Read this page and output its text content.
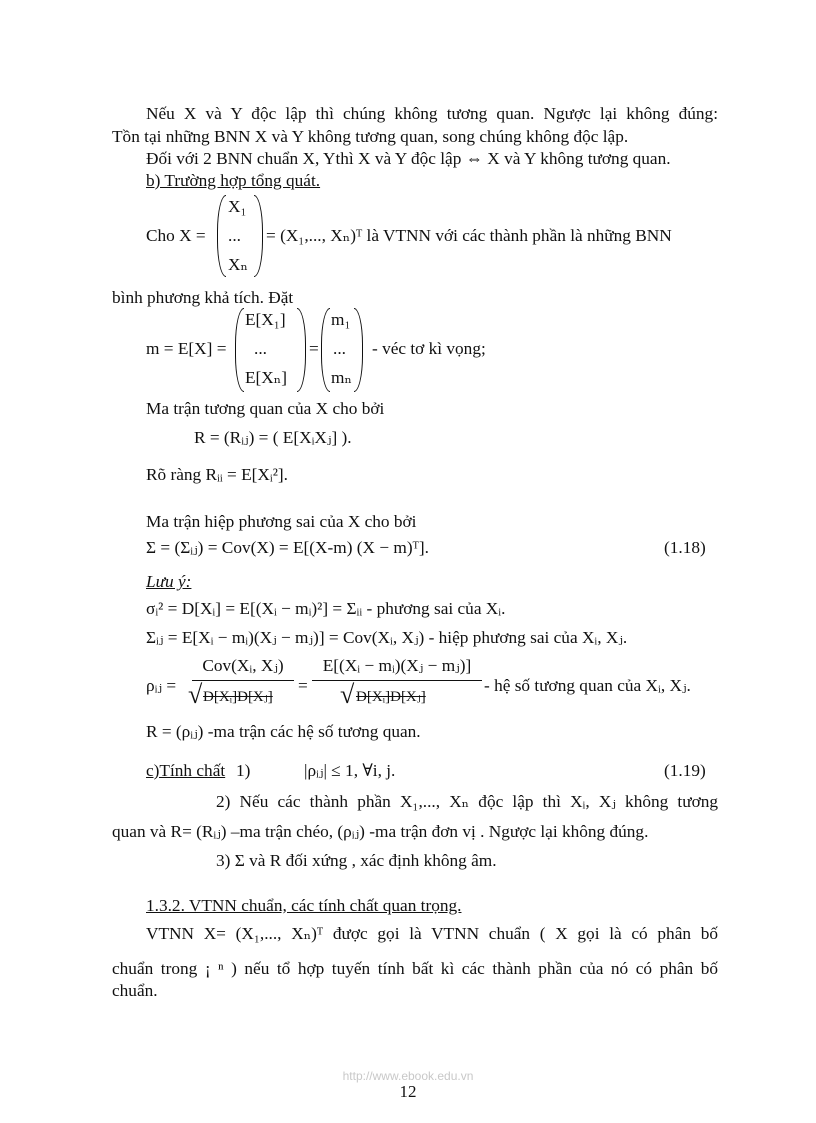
Nếu X và Y độc lập thì chúng không tương quan. Ngược lại không đúng:
Tồn tại những BNN X và Y không tương quan, song chúng không độc lập.
Đối với 2 BNN chuẩn X, Ythì X và Y độc lập ⇔ X và Y không tương quan.
b) Trường hợp tổng quát.
Cho X =
X₁
...
Xₙ
= (X₁,..., Xₙ)ᵀ là VTNN với các thành phần là những BNN
bình phương khả tích. Đặt
m = E[X] =
E[X₁]
...
E[Xₙ]
=
m₁
...
mₙ
- véc tơ kì vọng;
Ma trận tương quan của X cho bởi
R = (Rᵢⱼ) = ( E[XᵢXⱼ] ).
Rõ ràng Rᵢᵢ = E[Xᵢ²].
Ma trận hiệp phương sai của X cho bởi
Σ = (Σᵢⱼ) = Cov(X) = E[(X-m) (X − m)ᵀ].	(1.18)
Lưu ý:
σᵢ² = D[Xᵢ] = E[(Xᵢ − mᵢ)²] = Σᵢᵢ - phương sai của Xᵢ.
Σᵢⱼ = E[Xᵢ − mᵢ)(Xⱼ − mⱼ)] = Cov(Xᵢ, Xⱼ) - hiệp phương sai của Xᵢ, Xⱼ.
ρᵢⱼ =
Cov(Xᵢ, Xⱼ)
√ D[Xᵢ]D[Xⱼ]
=
E[(Xᵢ − mᵢ)(Xⱼ − mⱼ)]
√ D[Xᵢ]D[Xⱼ]
- hệ số tương quan của Xᵢ, Xⱼ.
R = (ρᵢⱼ) -ma trận các hệ số tương quan.
c)Tính chất 1)	|ρᵢⱼ| ≤ 1, ∀i, j.	(1.19)
2) Nếu các thành phần X₁,..., Xₙ độc lập thì Xᵢ, Xⱼ không tương
quan và R= (Rᵢⱼ) –ma trận chéo, (ρᵢⱼ) -ma trận đơn vị . Ngược lại không đúng.
3) Σ và R đối xứng , xác định không âm.
1.3.2. VTNN chuẩn, các tính chất quan trọng.
VTNN X= (X₁,..., Xₙ)ᵀ được gọi là VTNN chuẩn ( X gọi là có phân bố
chuẩn trong ¡ ⁿ ) nếu tổ hợp tuyến tính bất kì các thành phần của nó có phân bố
chuẩn.
http://www.ebook.edu.vn
12
